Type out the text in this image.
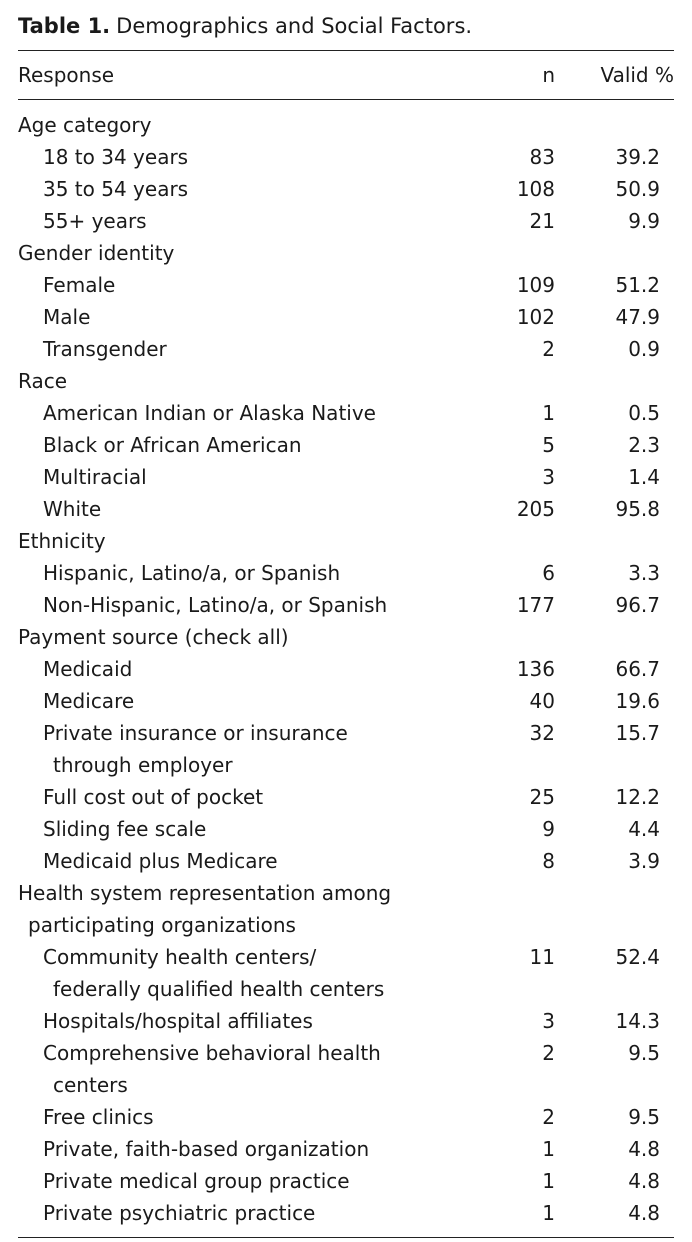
Table 1. Demographics and Social Factors.
Response	n	Valid %

Age category		

18 to 34 years	83	39.2

35 to 54 years	108	50.9

55+ years	21	9.9

Gender identity		

Female	109	51.2

Male	102	47.9

Transgender	2	0.9

Race		

American Indian or Alaska Native	1	0.5

Black or African American	5	2.3

Multiracial	3	1.4

White	205	95.8

Ethnicity		

Hispanic, Latino/a, or Spanish	6	3.3

Non-Hispanic, Latino/a, or Spanish	177	96.7

Payment source (check all)		

Medicaid	136	66.7

Medicare	40	19.6

Private insurance or insurance
through employer	32	15.7

Full cost out of pocket	25	12.2

Sliding fee scale	9	4.4

Medicaid plus Medicare	8	3.9

Health system representation among
participating organizations		

Community health centers/
federally qualified health centers	11	52.4

Hospitals/hospital affiliates	3	14.3

Comprehensive behavioral health
centers	2	9.5

Free clinics	2	9.5

Private, faith-based organization	1	4.8

Private medical group practice	1	4.8

Private psychiatric practice	1	4.8
